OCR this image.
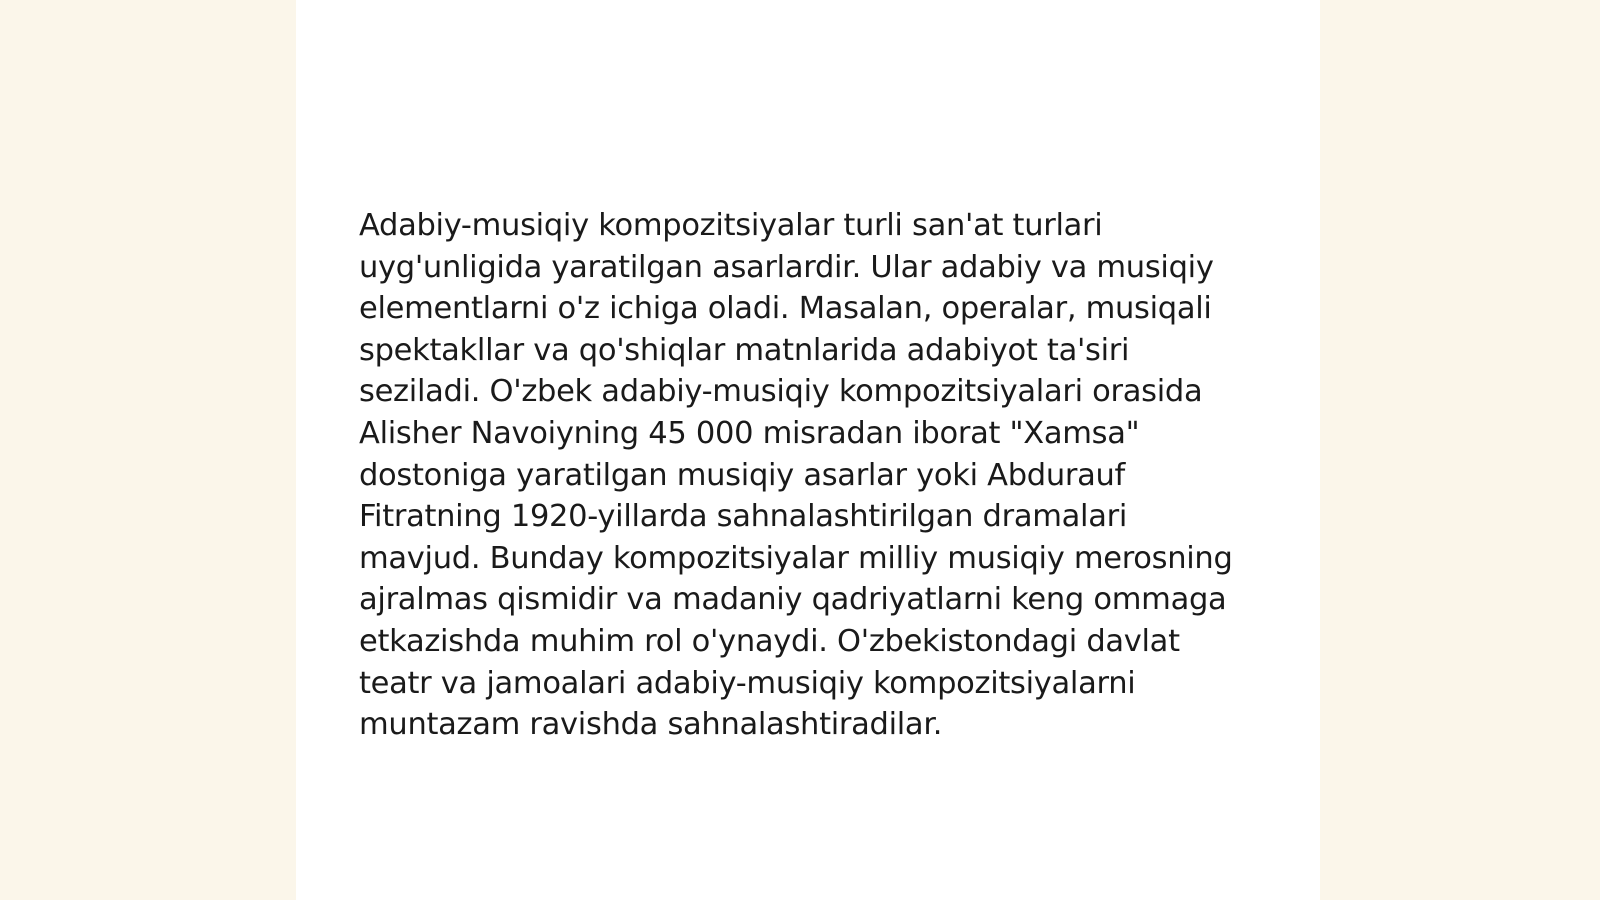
Adabiy-musiqiy kompozitsiyalar turli san'at turlari uyg'unligida yaratilgan asarlardir. Ular adabiy va musiqiy elementlarni o'z ichiga oladi. Masalan, operalar, musiqali spektakllar va qo'shiqlar matnlarida adabiyot ta'siri seziladi. O'zbek adabiy-musiqiy kompozitsiyalari orasida Alisher Navoiyning 45 000 misradan iborat "Xamsa" dostoniga yaratilgan musiqiy asarlar yoki Abdurauf Fitratning 1920-yillarda sahnalashtirilgan dramalari mavjud. Bunday kompozitsiyalar milliy musiqiy merosning ajralmas qismidir va madaniy qadriyatlarni keng ommaga etkazishda muhim rol o'ynaydi. O'zbekistondagi davlat teatr va jamoalari adabiy-musiqiy kompozitsiyalarni muntazam ravishda sahnalashtiradilar.
